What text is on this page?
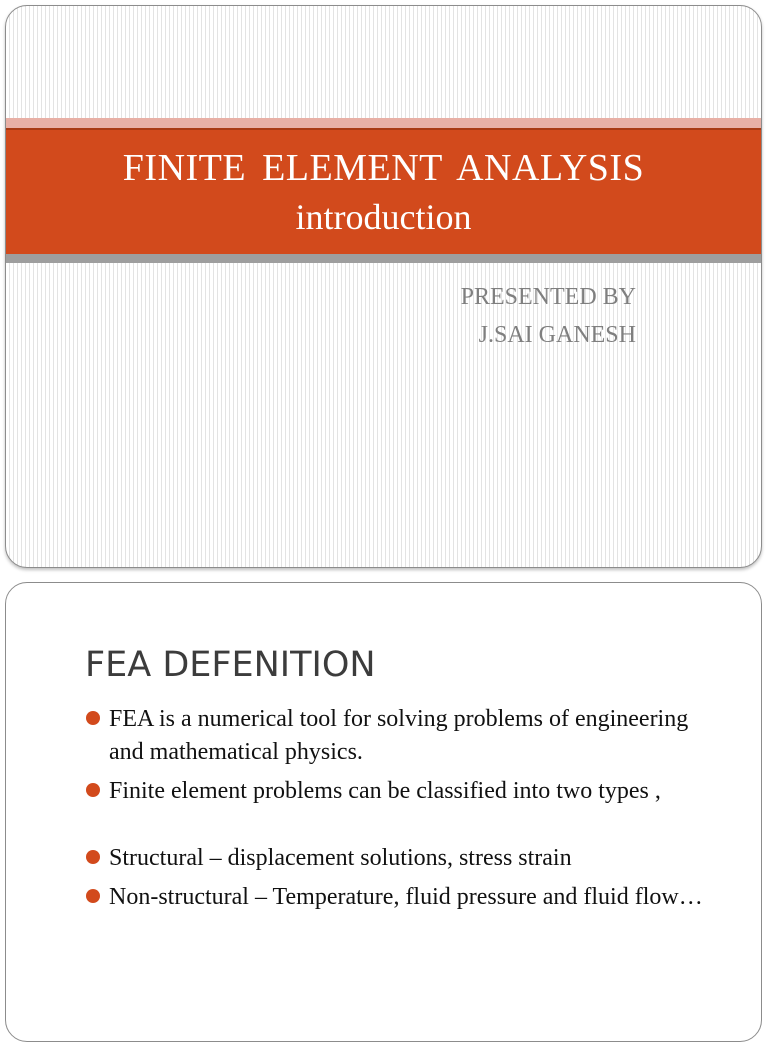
FINITE ELEMENT ANALYSIS
introduction
PRESENTED BY
J.SAI GANESH
FEA DEFENITION
FEA is a numerical tool for solving problems of engineering and mathematical physics.
Finite element problems can be classified into two types ,
Structural – displacement solutions, stress strain
Non-structural – Temperature, fluid pressure and fluid flow…
